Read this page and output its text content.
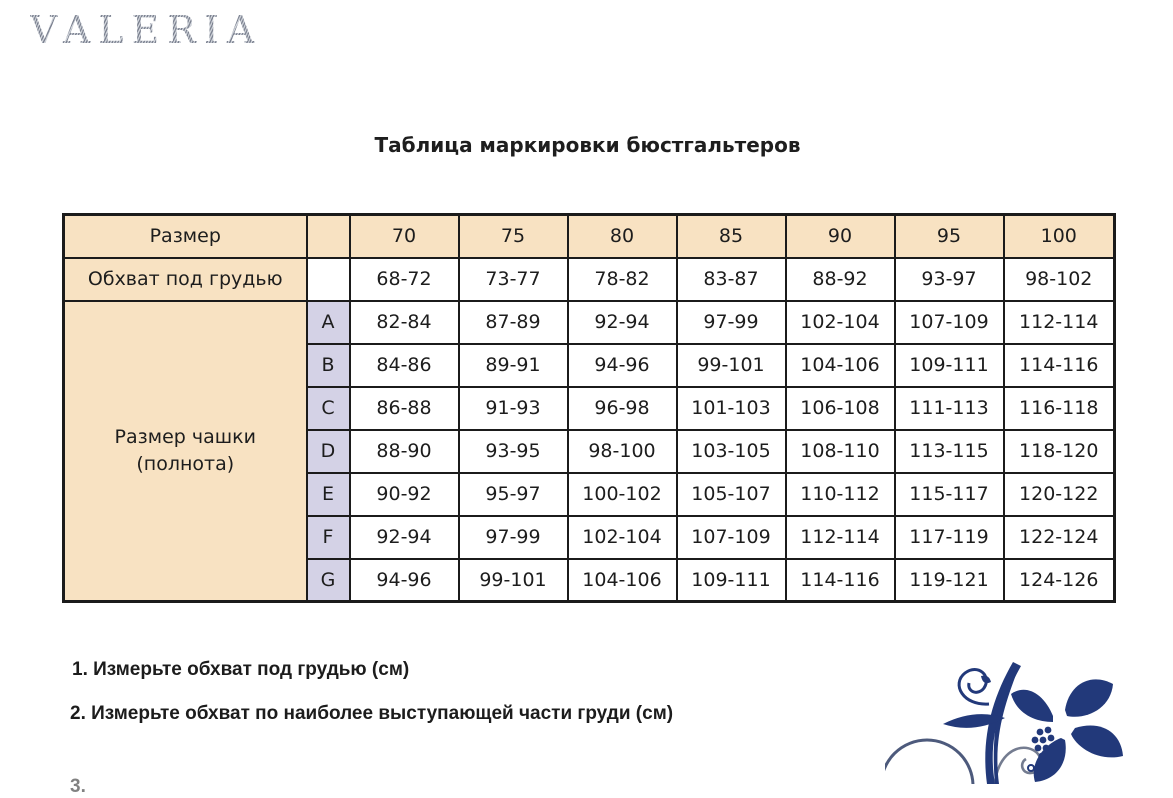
VALERIA
Таблица маркировки бюстгальтеров
Размер		70	75	80	85	90	95	100
Обхват под грудью		68-72	73-77	78-82	83-87	88-92	93-97	98-102
Размер чашки
(полнота)	A	82-84	87-89	92-94	97-99	102-104	107-109	112-114
	B	84-86	89-91	94-96	99-101	104-106	109-111	114-116
	C	86-88	91-93	96-98	101-103	106-108	111-113	116-118
	D	88-90	93-95	98-100	103-105	108-110	113-115	118-120
	E	90-92	95-97	100-102	105-107	110-112	115-117	120-122
	F	92-94	97-99	102-104	107-109	112-114	117-119	122-124
	G	94-96	99-101	104-106	109-111	114-116	119-121	124-126
1. Измерьте обхват под грудью (см)
2. Измерьте обхват по наиболее выступающей части груди (см)
3.
